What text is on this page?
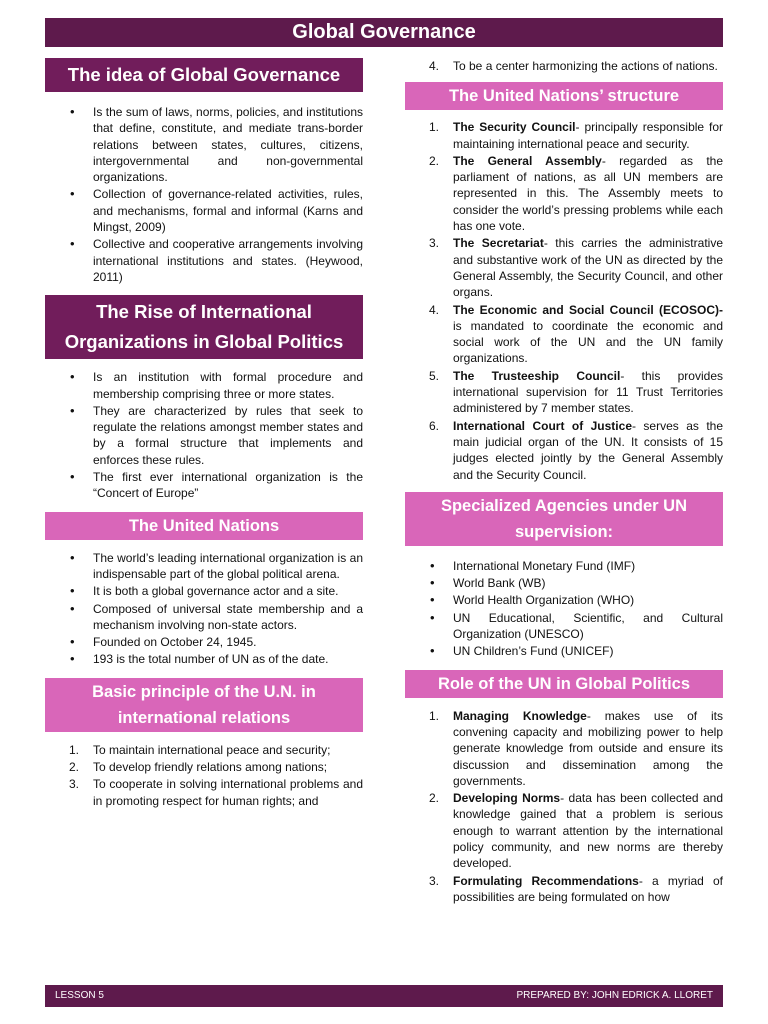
Global Governance
The idea of Global Governance
• Is the sum of laws, norms, policies, and institutions that define, constitute, and mediate trans-border relations between states, cultures, citizens, intergovernmental and non-governmental organizations.
• Collection of governance-related activities, rules, and mechanisms, formal and informal (Karns and Mingst, 2009)
• Collective and cooperative arrangements involving international institutions and states. (Heywood, 2011)
The Rise of International Organizations in Global Politics
• Is an institution with formal procedure and membership comprising three or more states.
• They are characterized by rules that seek to regulate the relations amongst member states and by a formal structure that implements and enforces these rules.
• The first ever international organization is the “Concert of Europe”
The United Nations
• The world’s leading international organization is an indispensable part of the global political arena.
• It is both a global governance actor and a site.
• Composed of universal state membership and a mechanism involving non-state actors.
• Founded on October 24, 1945.
• 193 is the total number of UN as of the date.
Basic principle of the U.N. in international relations
1. To maintain international peace and security;
2. To develop friendly relations among nations;
3. To cooperate in solving international problems and in promoting respect for human rights; and
4. To be a center harmonizing the actions of nations.
The United Nations’ structure
1. The Security Council- principally responsible for maintaining international peace and security.
2. The General Assembly- regarded as the parliament of nations, as all UN members are represented in this. The Assembly meets to consider the world’s pressing problems while each has one vote.
3. The Secretariat- this carries the administrative and substantive work of the UN as directed by the General Assembly, the Security Council, and other organs.
4. The Economic and Social Council (ECOSOC)- is mandated to coordinate the economic and social work of the UN and the UN family organizations.
5. The Trusteeship Council- this provides international supervision for 11 Trust Territories administered by 7 member states.
6. International Court of Justice- serves as the main judicial organ of the UN. It consists of 15 judges elected jointly by the General Assembly and the Security Council.
Specialized Agencies under UN supervision:
• International Monetary Fund (IMF)
• World Bank (WB)
• World Health Organization (WHO)
• UN Educational, Scientific, and Cultural Organization (UNESCO)
• UN Children’s Fund (UNICEF)
Role of the UN in Global Politics
1. Managing Knowledge- makes use of its convening capacity and mobilizing power to help generate knowledge from outside and ensure its discussion and dissemination among the governments.
2. Developing Norms- data has been collected and knowledge gained that a problem is serious enough to warrant attention by the international policy community, and new norms are thereby developed.
3. Formulating Recommendations- a myriad of possibilities are being formulated on how
LESSON 5	PREPARED BY: JOHN EDRICK A. LLORET
